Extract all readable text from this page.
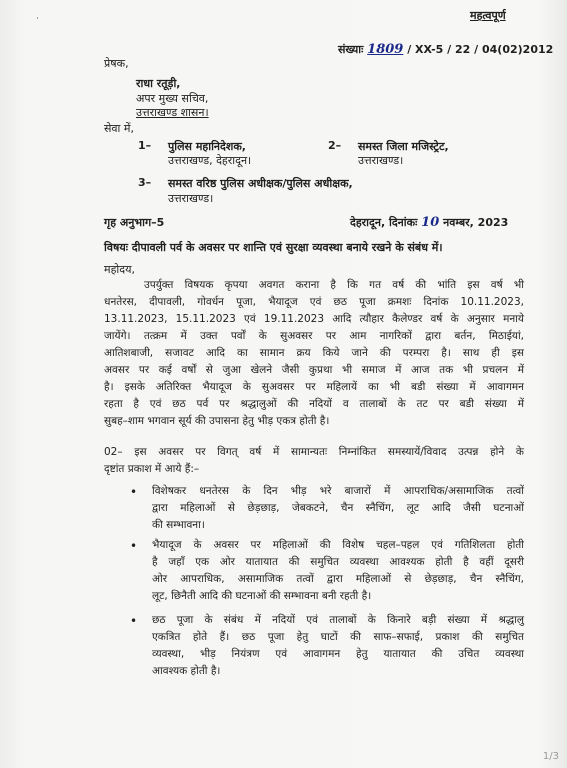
·	महत्वपूर्ण
संख्याः 1809 / XX-5 / 22 / 04(02)2012
प्रेषक,
राधा रतूड़ी,
अपर मुख्य सचिव,
उत्तराखण्ड शासन।
सेवा में,
1– पुलिस महानिदेशक,
उत्तराखण्ड, देहरादून।
2– समस्त जिला मजिस्ट्रेट,
उत्तराखण्ड।
3– समस्त वरिष्ठ पुलिस अधीक्षक/पुलिस अधीक्षक,
उत्तराखण्ड।
गृह अनुभाग–5	देहरादून, दिनांकः 10 नवम्बर, 2023
विषयः दीपावली पर्व के अवसर पर शान्ति एवं सुरक्षा व्यवस्था बनाये रखने के संबंध में।
महोदय,
उपर्युक्त विषयक कृपया अवगत कराना है कि गत वर्ष की भांति इस वर्ष भी
धनतेरस, दीपावली, गोवर्धन पूजा, भैयादूज एवं छठ पूजा क्रमशः दिनांक 10.11.2023,
13.11.2023, 15.11.2023 एवं 19.11.2023 आदि त्यौहार कैलेण्डर वर्ष के अनुसार मनाये
जायेंगे। तत्क्रम में उक्त पर्वों के सुअवसर पर आम नागरिकों द्वारा बर्तन, मिठाईयां,
आतिशबाजी, सजावट आदि का सामान क्रय किये जाने की परम्परा है। साथ ही इस
अवसर पर कई वर्षों से जुआ खेलने जैसी कुप्रथा भी समाज में आज तक भी प्रचलन में
है। इसके अतिरिक्त भैयादूज के सुअवसर पर महिलायें का भी बडी संख्या में आवागमन
रहता है एवं छठ पर्व पर श्रद्धालुओं की नदियों व तालाबों के तट पर बडी संख्या में
सुबह–शाम भगवान सूर्य की उपासना हेतु भीड़ एकत्र होती है।
02– इस अवसर पर विगत् वर्ष में सामान्यतः निम्नांकित समस्यायें/विवाद उत्पन्न होने के
दृष्टांत प्रकाश में आये हैं:–
• विशेषकर धनतेरस के दिन भीड़ भरे बाजारों में आपराधिक/असामाजिक तत्वों
द्वारा महिलाओं से छेड़छाड़, जेबकटने, चैन स्नैचिंग, लूट आदि जैसी घटनाओं
की सम्भावना।
• भैयादूज के अवसर पर महिलाओं की विशेष चहल–पहल एवं गतिशिलता होती
है जहाँ एक ओर यातायात की समुचित व्यवस्था आवश्यक होती है वहीं दूसरी
ओर आपराधिक, असामाजिक तत्वों द्वारा महिलाओं से छेड़छाड़, चैन स्नैचिंग,
लूट, छिनैती आदि की घटनाओं की सम्भावना बनी रहती है।
• छठ पूजा के संबंध में नदियों एवं तालाबों के किनारे बड़ी संख्या में श्रद्धालु
एकत्रित होते हैं। छठ पूजा हेतु घाटों की साफ–सफाई, प्रकाश की समुचित
व्यवस्था, भीड़ नियंत्रण एवं आवागमन हेतु यातायात की उचित व्यवस्था
आवश्यक होती है।
1/3
